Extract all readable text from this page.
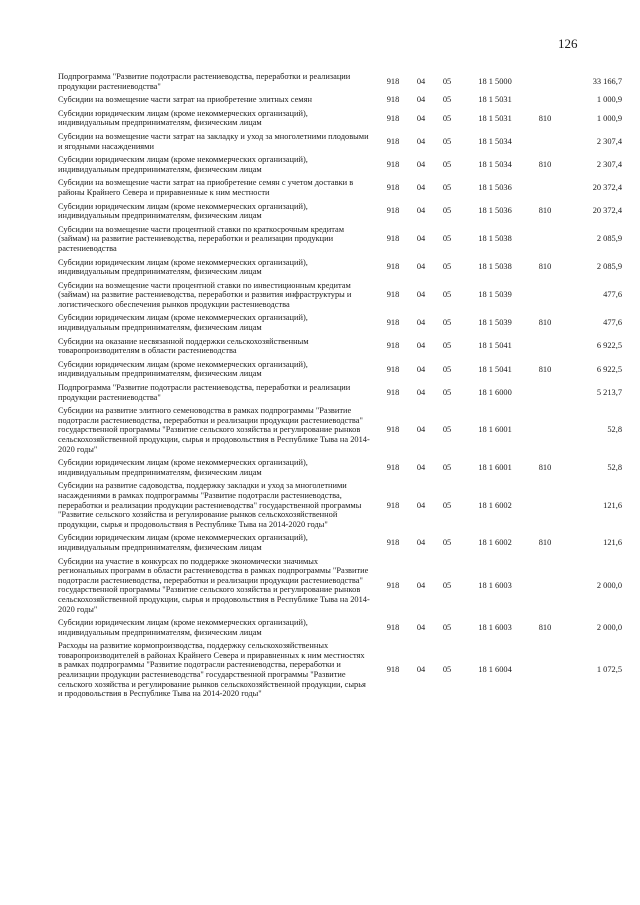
126
Подпрограмма "Развитие подотрасли растениеводства, переработки и реализации продукции растениеводства"	918	04	05	18 1 5000		33 166,7
Субсидии на возмещение части затрат на приобретение элитных семян	918	04	05	18 1 5031		1 000,9
Субсидии юридическим лицам (кроме некоммерческих организаций), индивидуальным предпринимателям, физическим лицам	918	04	05	18 1 5031	810	1 000,9
Субсидии на возмещение части затрат на закладку и уход за многолетними плодовыми и ягодными насаждениями	918	04	05	18 1 5034		2 307,4
Субсидии юридическим лицам (кроме некоммерческих организаций), индивидуальным предпринимателям, физическим лицам	918	04	05	18 1 5034	810	2 307,4
Субсидии на возмещение части затрат на приобретение семян с учетом доставки в районы Крайнего Севера и приравненные к ним местности	918	04	05	18 1 5036		20 372,4
Субсидии юридическим лицам (кроме некоммерческих организаций), индивидуальным предпринимателям, физическим лицам	918	04	05	18 1 5036	810	20 372,4
Субсидии на возмещение части процентной ставки по краткосрочным кредитам (займам) на развитие растениеводства, переработки и реализации продукции растениеводства	918	04	05	18 1 5038		2 085,9
Субсидии юридическим лицам (кроме некоммерческих организаций), индивидуальным предпринимателям, физическим лицам	918	04	05	18 1 5038	810	2 085,9
Субсидии на возмещение части процентной ставки по инвестиционным кредитам (займам) на развитие растениеводства, переработки и развития инфраструктуры и логистического обеспечения рынков продукции растениеводства	918	04	05	18 1 5039		477,6
Субсидии юридическим лицам (кроме некоммерческих организаций), индивидуальным предпринимателям, физическим лицам	918	04	05	18 1 5039	810	477,6
Субсидии на оказание несвязанной поддержки сельскохозяйственным товаропроизводителям в области растениеводства	918	04	05	18 1 5041		6 922,5
Субсидии юридическим лицам (кроме некоммерческих организаций), индивидуальным предпринимателям, физическим лицам	918	04	05	18 1 5041	810	6 922,5
Подпрограмма "Развитие подотрасли растениеводства, переработки и реализации продукции растениеводства"	918	04	05	18 1 6000		5 213,7
Субсидии на развитие элитного семеноводства в рамках подпрограммы "Развитие подотрасли растениеводства, переработки и реализации продукции растениеводства" государственной программы "Развитие сельского хозяйства и регулирование рынков сельскохозяйственной продукции, сырья и продовольствия в Республике Тыва на 2014-2020 годы"	918	04	05	18 1 6001		52,8
Субсидии юридическим лицам (кроме некоммерческих организаций), индивидуальным предпринимателям, физическим лицам	918	04	05	18 1 6001	810	52,8
Субсидии на развитие садоводства, поддержку закладки и уход за многолетними насаждениями в рамках подпрограммы "Развитие подотрасли растениеводства, переработки и реализации продукции растениеводства" государственной программы "Развитие сельского хозяйства и регулирование рынков сельскохозяйственной продукции, сырья и продовольствия в Республике Тыва на 2014-2020 годы"	918	04	05	18 1 6002		121,6
Субсидии юридическим лицам (кроме некоммерческих организаций), индивидуальным предпринимателям, физическим лицам	918	04	05	18 1 6002	810	121,6
Субсидии на участие в конкурсах по поддержке экономически значимых региональных программ в области растениеводства в рамках подпрограммы "Развитие подотрасли растениеводства, переработки и реализации продукции растениеводства" государственной программы "Развитие сельского хозяйства и регулирование рынков сельскохозяйственной продукции, сырья и продовольствия в Республике Тыва на 2014-2020 годы"	918	04	05	18 1 6003		2 000,0
Субсидии юридическим лицам (кроме некоммерческих организаций), индивидуальным предпринимателям, физическим лицам	918	04	05	18 1 6003	810	2 000,0
Расходы на развитие кормопроизводства, поддержку сельскохозяйственных товаропроизводителей в районах Крайнего Севера и приравненных к ним местностях в рамках подпрограммы "Развитие подотрасли растениеводства, переработки и реализации продукции растениеводства" государственной программы "Развитие сельского хозяйства и регулирование рынков сельскохозяйственной продукции, сырья и продовольствия в Республике Тыва на 2014-2020 годы"	918	04	05	18 1 6004		1 072,5
